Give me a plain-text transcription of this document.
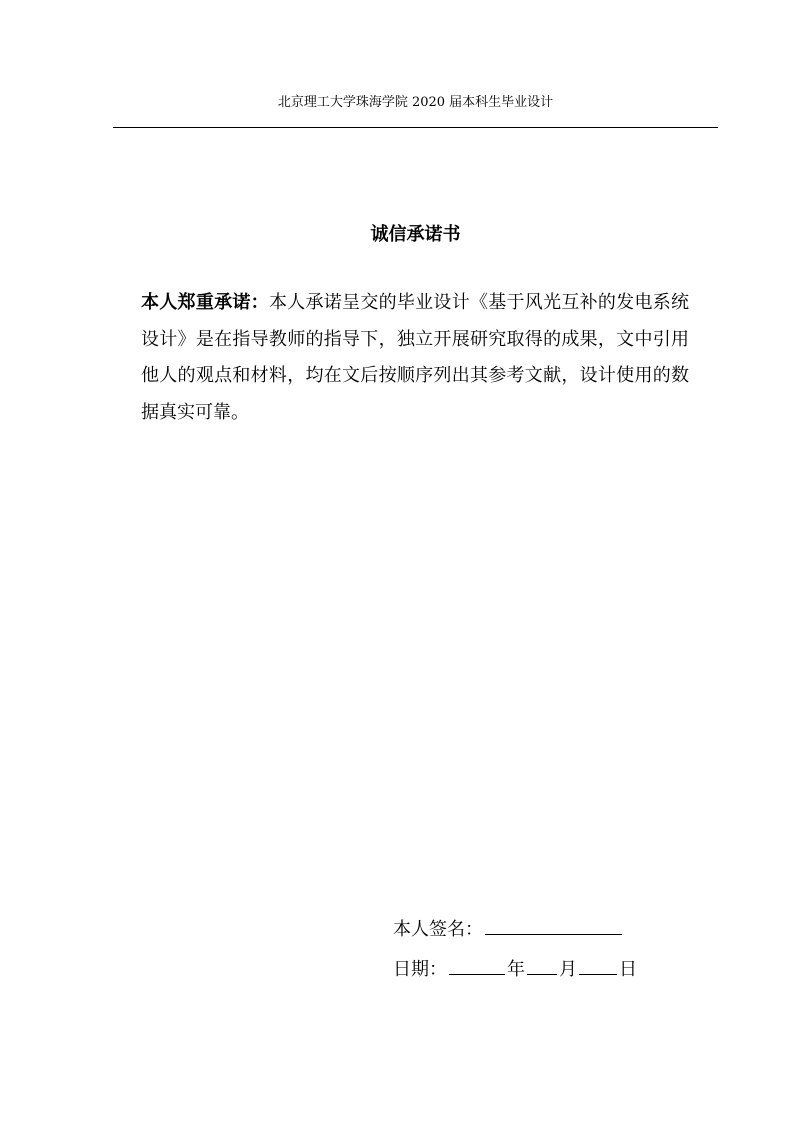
北京理工大学珠海学院 2020 届本科生毕业设计
诚信承诺书

本人郑重承诺：本人承诺呈交的毕业设计《基于风光互补的发电系统设计》是在指导教师的指导下，独立开展研究取得的成果，文中引用他人的观点和材料，均在文后按顺序列出其参考文献，设计使用的数据真实可靠。

本人签名：
日期：	年 月 日
